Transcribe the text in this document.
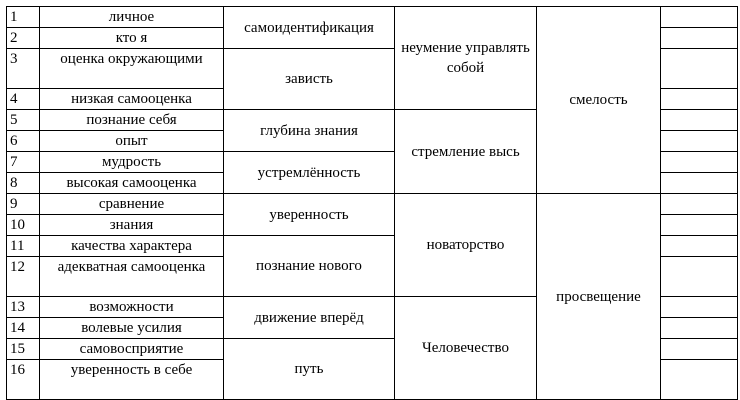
1	личное	самоидентификация	неумение управлять собой	смелость	
2	кто я				
3	оценка окружающими	зависть			
4	низкая самооценка				
5	познание себя	глубина знания	стремление высь		
6	опыт				
7	мудрость	устремлённость			
8	высокая самооценка				
9	сравнение	уверенность	новаторство	просвещение	
10	знания				
11	качества характера	познание нового			
12	адекватная самооценка				
13	возможности	движение вперёд	Человечество		
14	волевые усилия				
15	самовосприятие	путь			
16	уверенность в себе				
